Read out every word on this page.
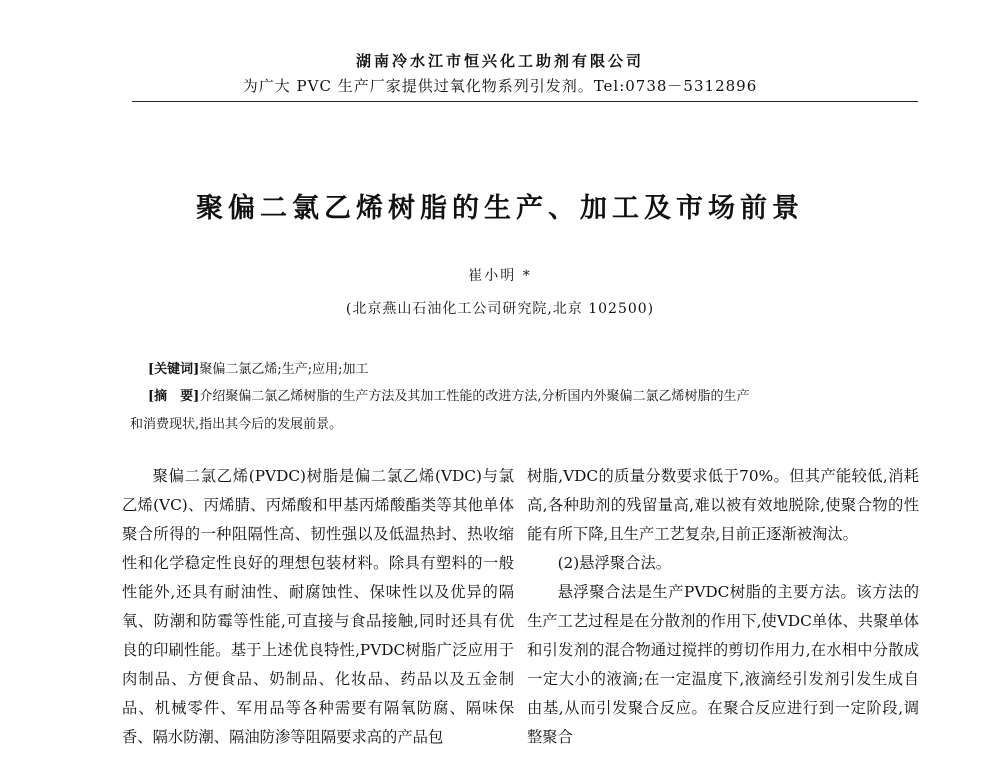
湖南冷水江市恒兴化工助剂有限公司
为广大 PVC 生产厂家提供过氧化物系列引发剂。Tel:0738－5312896
聚偏二氯乙烯树脂的生产、加工及市场前景
崔小明 *
(北京燕山石油化工公司研究院,北京 102500)
[关键词]聚偏二氯乙烯;生产;应用;加工
[摘　要]介绍聚偏二氯乙烯树脂的生产方法及其加工性能的改进方法,分析国内外聚偏二氯乙烯树脂的生产
和消费现状,指出其今后的发展前景。

聚偏二氯乙烯(PVDC)树脂是偏二氯乙烯(VDC)与氯乙烯(VC)、丙烯腈、丙烯酸和甲基丙烯酸酯类等其他单体聚合所得的一种阻隔性高、韧性强以及低温热封、热收缩性和化学稳定性良好的理想包装材料。除具有塑料的一般性能外,还具有耐油性、耐腐蚀性、保味性以及优异的隔氧、防潮和防霉等性能,可直接与食品接触,同时还具有优良的印刷性能。基于上述优良特性,PVDC树脂广泛应用于肉制品、方便食品、奶制品、化妆品、药品以及五金制品、机械零件、军用品等各种需要有隔氧防腐、隔味保香、隔水防潮、隔油防渗等阻隔要求高的产品包

树脂,VDC的质量分数要求低于70%。但其产能较低,消耗高,各种助剂的残留量高,难以被有效地脱除,使聚合物的性能有所下降,且生产工艺复杂,目前正逐渐被淘汰。

(2)悬浮聚合法。

悬浮聚合法是生产PVDC树脂的主要方法。该方法的生产工艺过程是在分散剂的作用下,使VDC单体、共聚单体和引发剂的混合物通过搅拌的剪切作用力,在水相中分散成一定大小的液滴;在一定温度下,液滴经引发剂引发生成自由基,从而引发聚合反应。在聚合反应进行到一定阶段,调整聚合
